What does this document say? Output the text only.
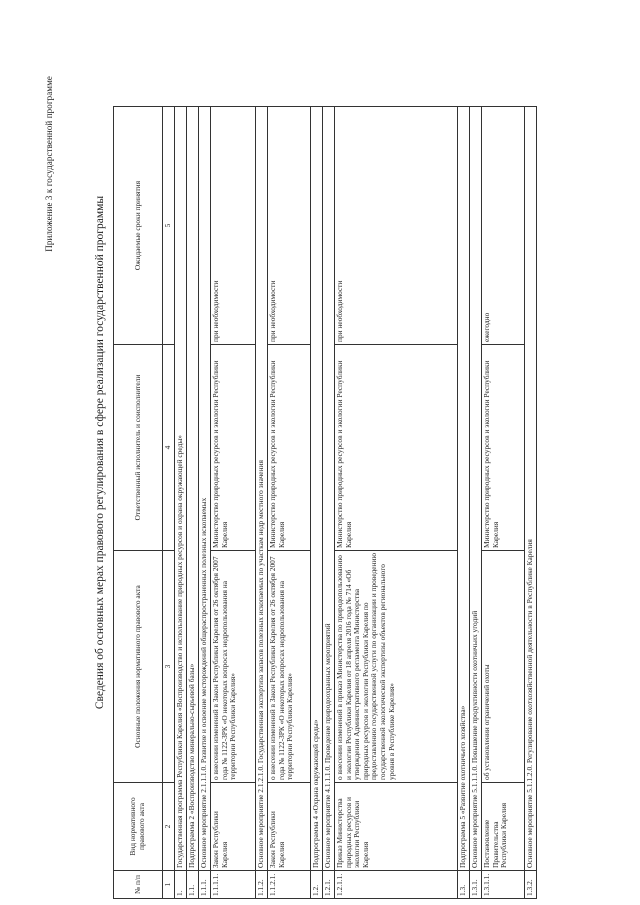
Приложение 3 к государственной программе
Сведения об основных мерах правового регулирования в сфере реализации государственной программы
№ п/п	Вид нормативного правового акта	Основные положения нормативного правового акта	Ответственный исполнитель и соисполнители	Ожидаемые сроки принятия
1	2	3	4	5
1.	Государственная программа Республики Карелия «Воспроизводство и использование природных ресурсов и охрана окружающей среды»			
1.1.	Подпрограмма 2 «Воспроизводство минерально-сырьевой базы»			
1.1.1.	Основное мероприятие 2.1.1.1.0. Развитие и освоение месторождений общераспространенных полезных ископаемых			
1.1.1.1.	Закон Республики Карелия	о внесении изменений в Закон Республики Карелия от 26 октября 2007 года № 1122-ЗРК «О некоторых вопросах недропользования на территории Республики Карелия»	Министерство природных ресурсов и экологии Республики Карелия	при необходимости
1.1.2.	Основное мероприятие 2.1.2.1.0. Государственная экспертиза запасов полезных ископаемых по участкам недр местного значения			
1.1.2.1.	Закон Республики Карелия	о внесении изменений в Закон Республики Карелия от 26 октября 2007 года № 1122-ЗРК «О некоторых вопросах недропользования на территории Республики Карелия»	Министерство природных ресурсов и экологии Республики Карелия	при необходимости
1.2.	Подпрограмма 4 «Охрана окружающей среды»			
1.2.1.	Основное мероприятие 4.1.1.1.0. Проведение природоохранных мероприятий			
1.2.1.1.	Приказ Министерства природных ресурсов и экологии Республики Карелия	о внесении изменений в приказ Министерства по природопользованию и экологии Республики Карелия от 18 апреля 2016 года № 714 «Об утверждении Административного регламента Министерства природных ресурсов и экологии Республики Карелия по предоставлению государственной услуги по организации и проведению государственной экологической экспертизы объектов регионального уровня в Республике Карелия»	Министерство природных ресурсов и экологии Республики Карелия	при необходимости
1.3.	Подпрограмма 5 «Развитие охотничьего хозяйства»			
1.3.1.	Основное мероприятие 5.1.1.1.0. Повышение продуктивности охотничьих угодий			
1.3.1.1.	Постановление Правительства Республики Карелия	об установлении ограничений охоты	Министерство природных ресурсов и экологии Республики Карелия	ежегодно
1.3.2.	Основное мероприятие 5.1.1.2.0. Регулирование охотхозяйственной деятельности в Республике Карелия			
